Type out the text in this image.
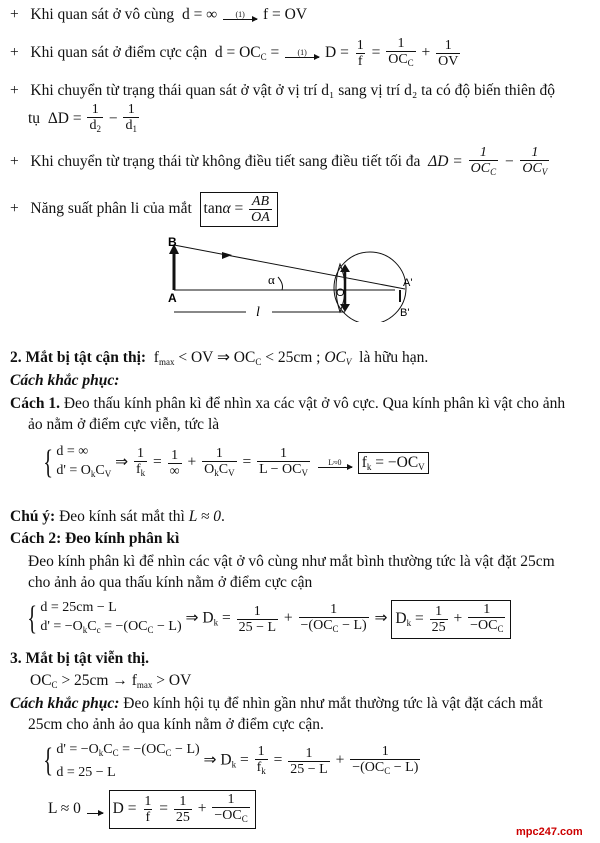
+ Khi quan sát ở vô cùng d = ∞ (1) f = OV
+ Khi quan sát ở điểm cực cận $d = OC_C = (1) D = \frac{1}{f} = \frac{1}{OC_C} + \frac{1}{OV}$
+ Khi chuyển từ trạng thái quan sát ở vật ở vị trí d₁ sang vị trí d₂ ta có độ biến thiên độ
tụ $\Delta D = \frac{1}{d_2} - \frac{1}{d_1}$
+ Khi chuyển từ trạng thái từ không điều tiết sang điều tiết tối đa $\Delta D = \frac{1}{OC_C} - \frac{1}{OC_V}$
+ Năng suất phân li của mắt $\tan\alpha = \frac{AB}{OA}$
B
A
α
O
A'
B'
l
2. Mắt bị tật cận thị: $f_{max}$ < OV ⇒ $OC_C < 25cm$ ; $OC_V$ là hữu hạn.
Cách khắc phục:
Cách 1. Đeo thấu kính phân kì để nhìn xa các vật ở vô cực. Qua kính phân kì vật cho ảnh
ảo nằm ở điểm cực viễn, tức là
{ d = ∞
$d' = O_kC_V$
⇒ $\frac{1}{f_k} = \frac{1}{\infty} + \frac{1}{O_kC_V} = \frac{1}{L - OC_V}$
L≈0 $f_k = -OC_V$
Chú ý: Đeo kính sát mắt thì L ≈ 0.
Cách 2: Đeo kính phân kì
Đeo kính phân kì để nhìn các vật ở vô cùng như mắt bình thường tức là vật đặt 25cm
cho ảnh ảo qua thấu kính nằm ở điểm cực cận
{ d = 25cm − L
$d' = -O_kC_c = -(OC_C - L)$ ⇒ $D_k = \frac{1}{25 - L} + \frac{1}{-(OC_C - L)}$ ⇒ $D_k = \frac{1}{25} + \frac{1}{-OC_C}$
3. Mắt bị tật viễn thị.
$OC_C > 25cm \to f_{max}$ > OV
Cách khắc phục: Đeo kính hội tụ để nhìn gần như mắt thường tức là vật đặt cách mắt
25cm cho ảnh ảo qua kính nằm ở điểm cực cận.
{ $d' = -O_kC_C = -(OC_C - L)$
d = 25 − L
⇒ $D_k = \frac{1}{f_k} = \frac{1}{25 - L} + \frac{1}{-(OC_C - L)}$
L ≈ 0

$D = \frac{1}{f} = \frac{1}{25} + \frac{1}{-OC_C}$
mpc247.com
